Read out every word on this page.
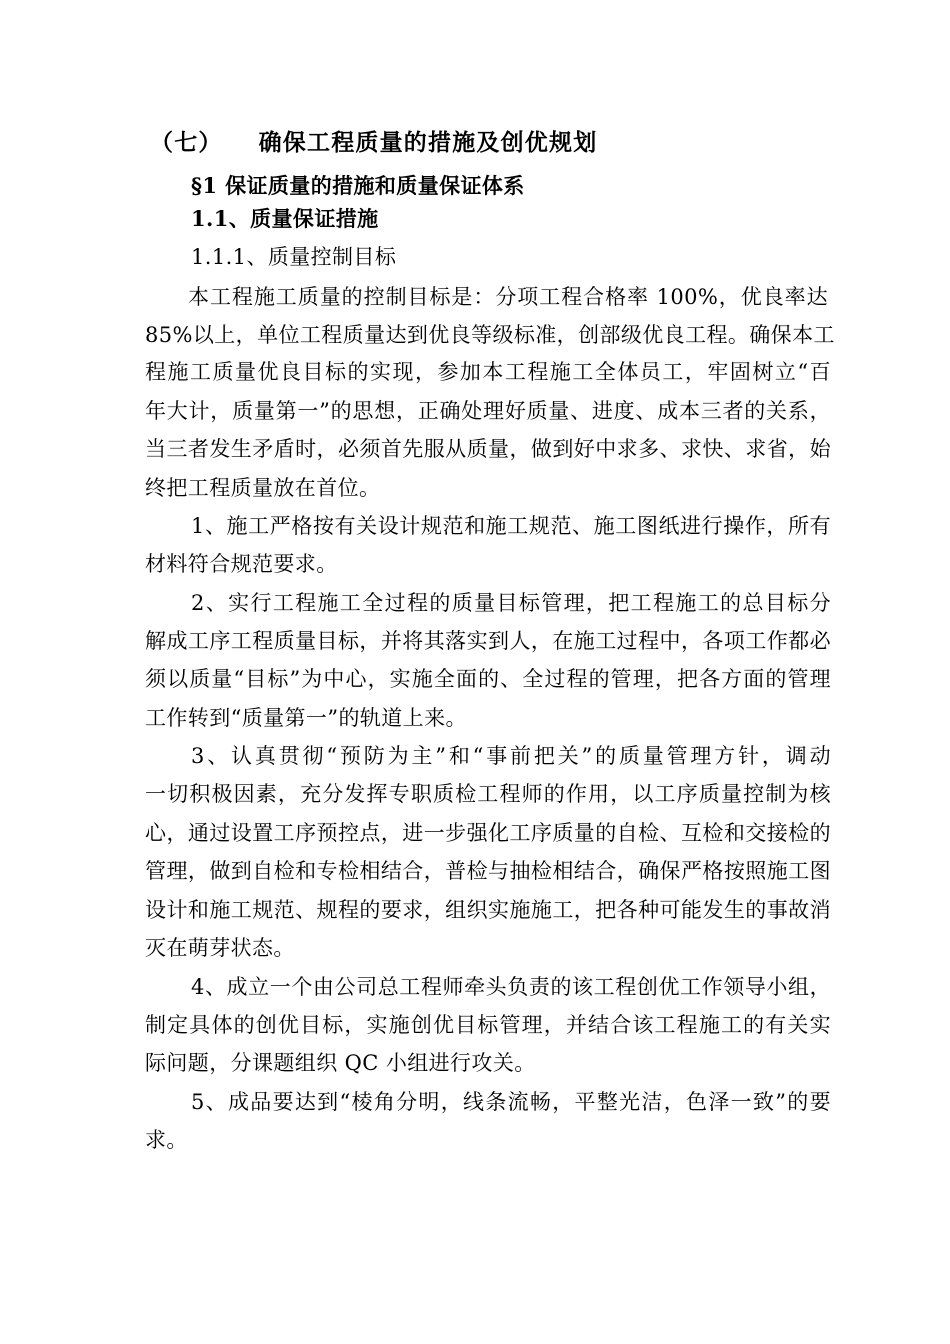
（七） 确保工程质量的措施及创优规划
§1 保证质量的措施和质量保证体系
1.1、质量保证措施
1.1.1、质量控制目标
本工程施工质量的控制目标是：分项工程合格率 100%，优良率达
85%以上，单位工程质量达到优良等级标准，创部级优良工程。确保本工
程施工质量优良目标的实现，参加本工程施工全体员工，牢固树立“百
年大计，质量第一”的思想，正确处理好质量、进度、成本三者的关系，
当三者发生矛盾时，必须首先服从质量，做到好中求多、求快、求省，始
终把工程质量放在首位。
1、施工严格按有关设计规范和施工规范、施工图纸进行操作，所有
材料符合规范要求。
2、实行工程施工全过程的质量目标管理，把工程施工的总目标分
解成工序工程质量目标，并将其落实到人，在施工过程中，各项工作都必
须以质量“目标”为中心，实施全面的、全过程的管理，把各方面的管理
工作转到“质量第一”的轨道上来。
3、认真贯彻“预防为主”和“事前把关”的质量管理方针，调动
一切积极因素，充分发挥专职质检工程师的作用，以工序质量控制为核
心，通过设置工序预控点，进一步强化工序质量的自检、互检和交接检的
管理，做到自检和专检相结合，普检与抽检相结合，确保严格按照施工图
设计和施工规范、规程的要求，组织实施施工，把各种可能发生的事故消
灭在萌芽状态。
4、成立一个由公司总工程师牵头负责的该工程创优工作领导小组，
制定具体的创优目标，实施创优目标管理，并结合该工程施工的有关实
际问题，分课题组织 QC 小组进行攻关。
5、成品要达到“棱角分明，线条流畅，平整光洁，色泽一致”的要
求。
